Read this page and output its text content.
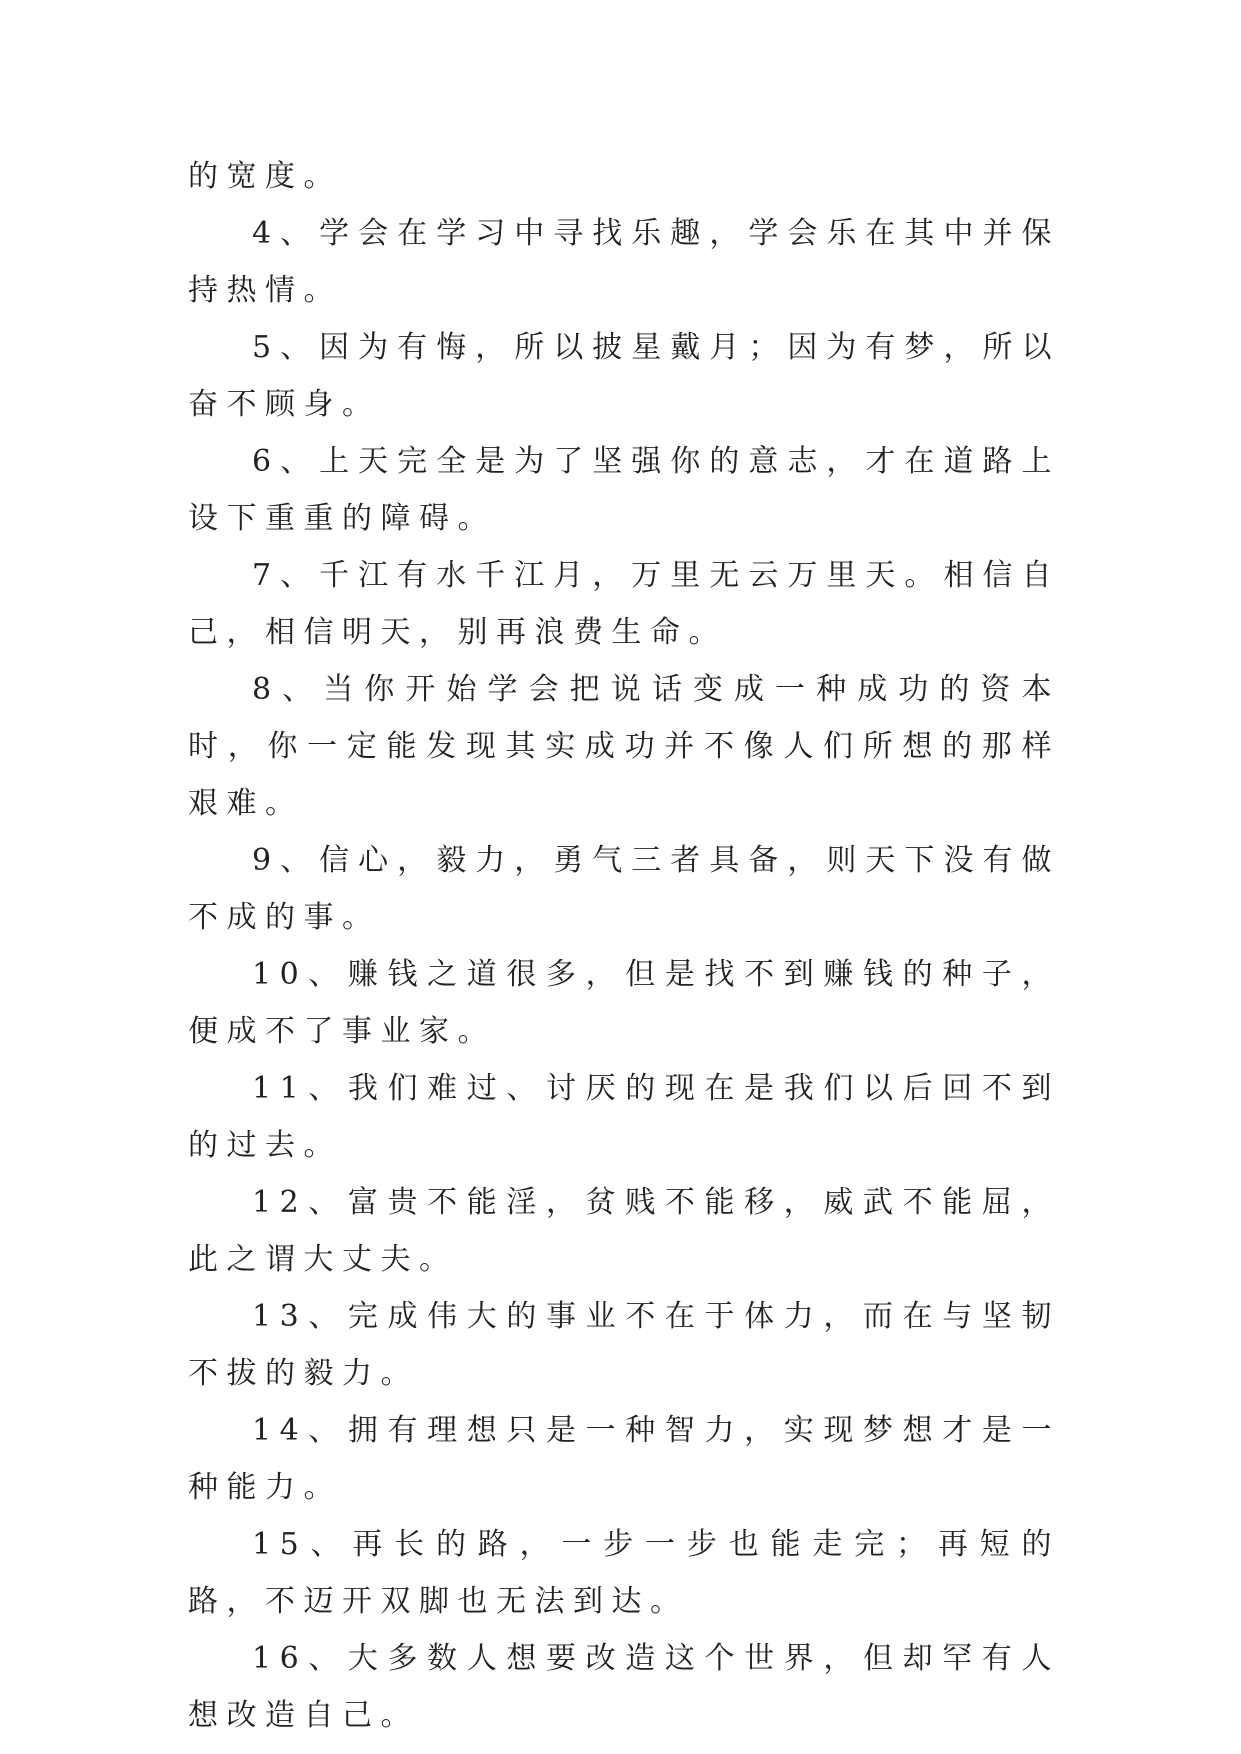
的宽度。

4、学会在学习中寻找乐趣，学会乐在其中并保持热情。

5、因为有悔，所以披星戴月；因为有梦，所以奋不顾身。

6、上天完全是为了坚强你的意志，才在道路上设下重重的障碍。

7、千江有水千江月，万里无云万里天。相信自己，相信明天，别再浪费生命。

8、当你开始学会把说话变成一种成功的资本时，你一定能发现其实成功并不像人们所想的那样艰难。

9、信心，毅力，勇气三者具备，则天下没有做不成的事。

10、赚钱之道很多，但是找不到赚钱的种子，便成不了事业家。

11、我们难过、讨厌的现在是我们以后回不到的过去。

12、富贵不能淫，贫贱不能移，威武不能屈，此之谓大丈夫。

13、完成伟大的事业不在于体力，而在与坚韧不拔的毅力。

14、拥有理想只是一种智力，实现梦想才是一种能力。

15、再长的路，一步一步也能走完；再短的路，不迈开双脚也无法到达。

16、大多数人想要改造这个世界，但却罕有人想改造自己。
